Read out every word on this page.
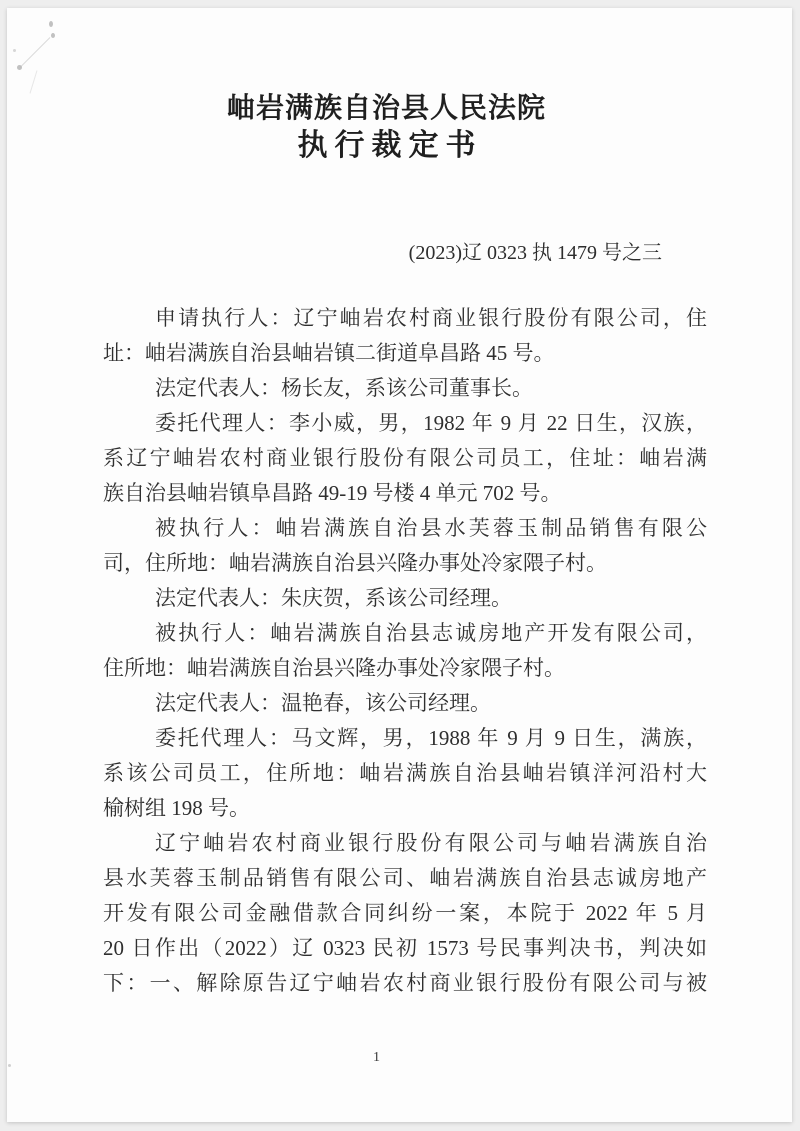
岫岩满族自治县人民法院
执行裁定书
(2023)辽 0323 执 1479 号之三
申请执行人：辽宁岫岩农村商业银行股份有限公司，住
址：岫岩满族自治县岫岩镇二街道阜昌路 45 号。
法定代表人：杨长友，系该公司董事长。
委托代理人：李小威，男，1982 年 9 月 22 日生，汉族，
系辽宁岫岩农村商业银行股份有限公司员工，住址：岫岩满
族自治县岫岩镇阜昌路 49-19 号楼 4 单元 702 号。
被执行人：岫岩满族自治县水芙蓉玉制品销售有限公
司，住所地：岫岩满族自治县兴隆办事处冷家隈子村。
法定代表人：朱庆贺，系该公司经理。
被执行人：岫岩满族自治县志诚房地产开发有限公司，
住所地：岫岩满族自治县兴隆办事处冷家隈子村。
法定代表人：温艳春，该公司经理。
委托代理人：马文辉，男，1988 年 9 月 9 日生，满族，
系该公司员工，住所地：岫岩满族自治县岫岩镇洋河沿村大
榆树组 198 号。
辽宁岫岩农村商业银行股份有限公司与岫岩满族自治
县水芙蓉玉制品销售有限公司、岫岩满族自治县志诚房地产
开发有限公司金融借款合同纠纷一案，本院于 2022 年 5 月
20 日作出（2022）辽 0323 民初 1573 号民事判决书，判决如
下：一、解除原告辽宁岫岩农村商业银行股份有限公司与被
1
